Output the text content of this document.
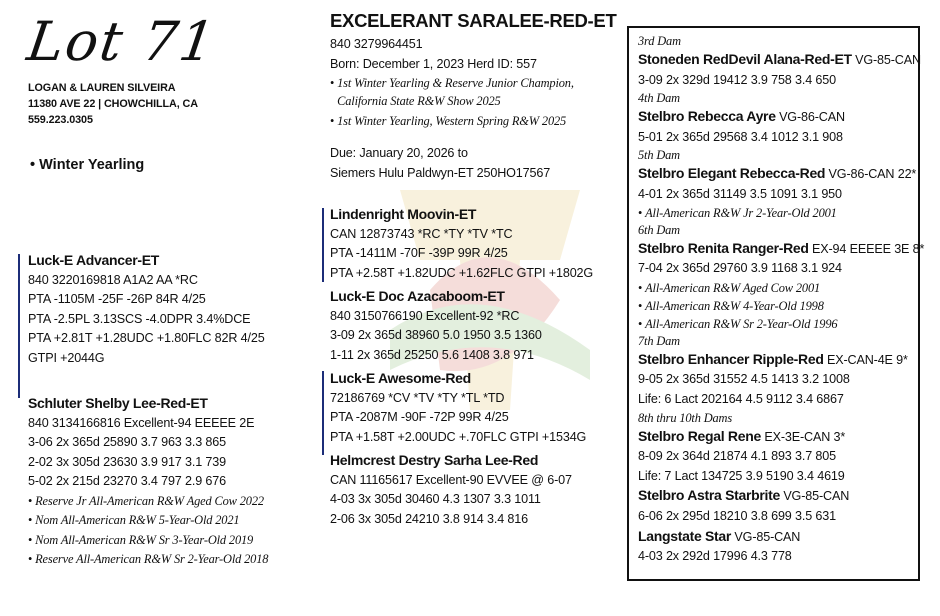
Lot 71
LOGAN & LAUREN SILVEIRA
11380 AVE 22 | CHOWCHILLA, CA
559.223.0305
• Winter Yearling
EXCELERANT SARALEE-RED-ET
840 3279964451
Born: December 1, 2023 Herd ID: 557
• 1st Winter Yearling & Reserve Junior Champion, California State R&W Show 2025
• 1st Winter Yearling, Western Spring R&W 2025
Due: January 20, 2026 to
Siemers Hulu Paldwyn-ET 250HO17567
Luck-E Advancer-ET
840 3220169818 A1A2 AA *RC
PTA -1105M -25F -26P 84R 4/25
PTA -2.5PL 3.13SCS -4.0DPR 3.4%DCE
PTA +2.81T +1.28UDC +1.80FLC 82R 4/25
GTPI +2044G
Schluter Shelby Lee-Red-ET
840 3134166816 Excellent-94 EEEEE 2E
3-06 2x 365d 25890 3.7 963 3.3 865
2-02 3x 305d 23630 3.9 917 3.1 739
5-02 2x 215d 23270 3.4 797 2.9 676
• Reserve Jr All-American R&W Aged Cow 2022
• Nom All-American R&W 5-Year-Old 2021
• Nom All-American R&W Sr 3-Year-Old 2019
• Reserve All-American R&W Sr 2-Year-Old 2018
Lindenright Moovin-ET
CAN 12873743 *RC *TY *TV *TC
PTA -1411M -70F -39P 99R 4/25
PTA +2.58T +1.82UDC +1.62FLC GTPI +1802G
Luck-E Doc Azacaboom-ET
840 3150766190 Excellent-92 *RC
3-09 2x 365d 38960 5.0 1950 3.5 1360
1-11 2x 365d 25250 5.6 1408 3.8 971
Luck-E Awesome-Red
72186769 *CV *TV *TY *TL *TD
PTA -2087M -90F -72P 99R 4/25
PTA +1.58T +2.00UDC +.70FLC GTPI +1534G
Helmcrest Destry Sarha Lee-Red
CAN 11165617 Excellent-90 EVVEE @ 6-07
4-03 3x 305d 30460 4.3 1307 3.3 1011
2-06 3x 305d 24210 3.8 914 3.4 816
3rd Dam
Stoneden RedDevil Alana-Red-ET VG-85-CAN
3-09 2x 329d 19412 3.9 758 3.4 650
4th Dam
Stelbro Rebecca Ayre VG-86-CAN
5-01 2x 365d 29568 3.4 1012 3.1 908
5th Dam
Stelbro Elegant Rebecca-Red VG-86-CAN 22*
4-01 2x 365d 31149 3.5 1091 3.1 950
• All-American R&W Jr 2-Year-Old 2001
6th Dam
Stelbro Renita Ranger-Red EX-94 EEEEE 3E 8*
7-04 2x 365d 29760 3.9 1168 3.1 924
• All-American R&W Aged Cow 2001
• All-American R&W 4-Year-Old 1998
• All-American R&W Sr 2-Year-Old 1996
7th Dam
Stelbro Enhancer Ripple-Red EX-CAN-4E 9*
9-05 2x 365d 31552 4.5 1413 3.2 1008
Life: 6 Lact 202164 4.5 9112 3.4 6867
8th thru 10th Dams
Stelbro Regal Rene EX-3E-CAN 3*
8-09 2x 364d 21874 4.1 893 3.7 805
Life: 7 Lact 134725 3.9 5190 3.4 4619
Stelbro Astra Starbrite VG-85-CAN
6-06 2x 295d 18210 3.8 699 3.5 631
Langstate Star VG-85-CAN
4-03 2x 292d 17996 4.3 778
